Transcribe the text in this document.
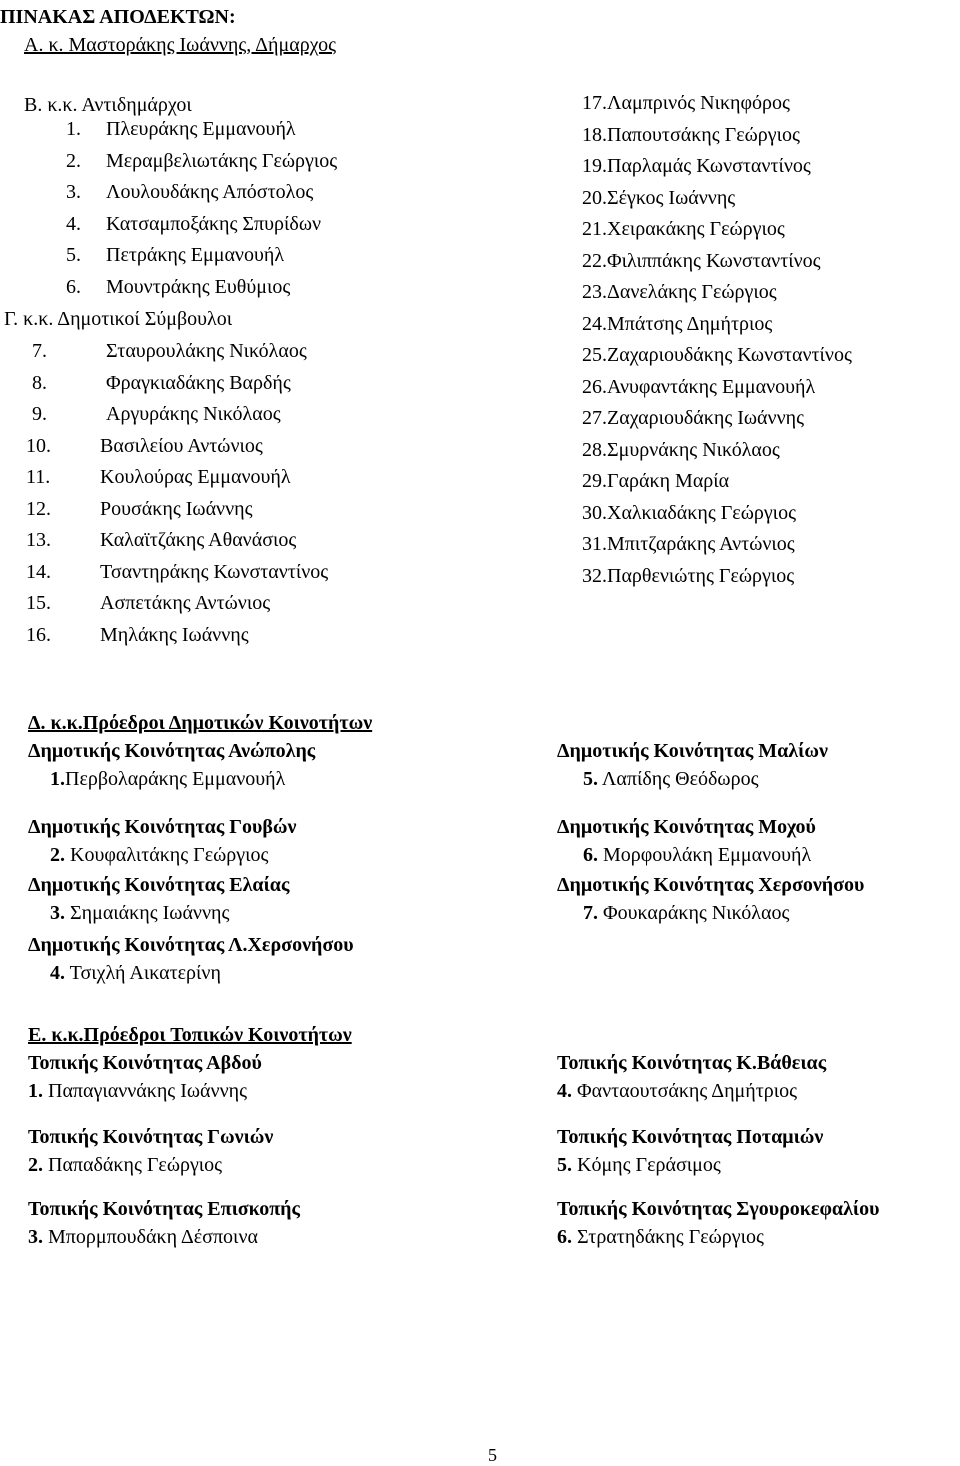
ΠΙΝΑΚΑΣ ΑΠΟΔΕΚΤΩΝ:
Α. κ. Μαστοράκης Ιωάννης, Δήμαρχος
Β. κ.κ. Αντιδημάρχοι
1. Πλευράκης Εμμανουήλ
2. Μεραμβελιωτάκης Γεώργιος
3. Λουλουδάκης Απόστολος
4. Κατσαμποξάκης Σπυρίδων
5. Πετράκης Εμμανουήλ
6. Μουντράκης Ευθύμιος
Γ. κ.κ. Δημοτικοί Σύμβουλοι
7.	Σταυρουλάκης Νικόλαος
8.	Φραγκιαδάκης Βαρδής
9.	Αργυράκης Νικόλαος
10. Βασιλείου Αντώνιος
11. Κουλούρας Εμμανουήλ
12. Ρουσάκης Ιωάννης
13. Καλαϊτζάκης Αθανάσιος
14. Τσαντηράκης Κωνσταντίνος
15. Ασπετάκης Αντώνιος
16. Μηλάκης Ιωάννης
17.Λαμπρινός Νικηφόρος
18.Παπουτσάκης Γεώργιος
19.Παρλαμάς Κωνσταντίνος
20.Σέγκος Ιωάννης
21.Χειρακάκης Γεώργιος
22.Φιλιππάκης Κωνσταντίνος
23.Δανελάκης Γεώργιος
24.Μπάτσης Δημήτριος
25.Ζαχαριουδάκης Κωνσταντίνος
26.Ανυφαντάκης Εμμανουήλ
27.Ζαχαριουδάκης Ιωάννης
28.Σμυρνάκης Νικόλαος
29.Γαράκη Μαρία
30.Χαλκιαδάκης Γεώργιος
31.Μπιτζαράκης Αντώνιος
32.Παρθενιώτης Γεώργιος
Δ. κ.κ.Πρόεδροι Δημοτικών Κοινοτήτων
Δημοτικής Κοινότητας Ανώπολης
1.Περβολαράκης Εμμανουήλ
Δημοτικής Κοινότητας Γουβών
2. Κουφαλιτάκης Γεώργιος
Δημοτικής Κοινότητας Ελαίας
3. Σημαιάκης Ιωάννης
Δημοτικής Κοινότητας Λ.Χερσονήσου
4. Τσιχλή Αικατερίνη
Δημοτικής Κοινότητας Μαλίων
5. Λαπίδης Θεόδωρος
Δημοτικής Κοινότητας Μοχού
6. Μορφουλάκη Εμμανουήλ
Δημοτικής Κοινότητας Χερσονήσου
7. Φουκαράκης Νικόλαος
Ε. κ.κ.Πρόεδροι Τοπικών Κοινοτήτων
Τοπικής Κοινότητας Αβδού
1. Παπαγιαννάκης Ιωάννης
Τοπικής Κοινότητας Γωνιών
2. Παπαδάκης Γεώργιος
Τοπικής Κοινότητας Επισκοπής
3. Μπορμπουδάκη Δέσποινα
Τοπικής Κοινότητας Κ.Βάθειας
4. Φανταουτσάκης Δημήτριος
Τοπικής Κοινότητας Ποταμιών
5. Κόμης Γεράσιμος
Τοπικής Κοινότητας Σγουροκεφαλίου
6. Στρατηδάκης Γεώργιος
5
